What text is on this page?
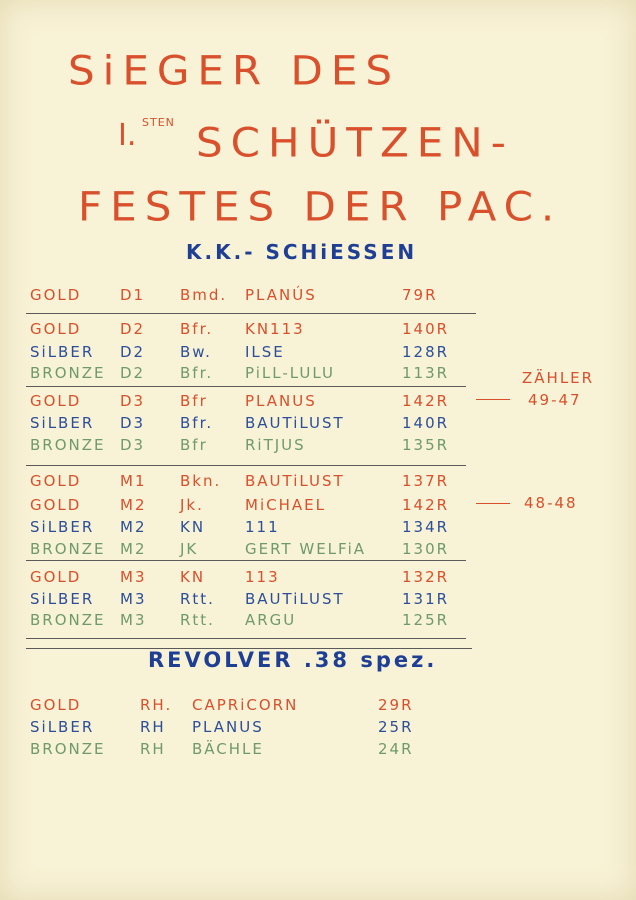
SiEGER DES
I. STEN SCHÜTZEN-
FESTES DER PAC.
K.K.- SCHiESSEN
GOLD	D1 Bmd. PLANÚS	79R
GOLD	D2 Bfr. KN113	140R
SiLBER D2 Bw. ILSE	128R
BRONZE D2 Bfr. PiLL-LULU	113R
GOLD	D3 Bfr PLANUS	142R
SiLBER D3 Bfr. BAUTiLUST	140R
BRONZE D3 Bfr RiTJUS	135R
GOLD	M1 Bkn. BAUTiLUST	137R
GOLD	M2 Jk.	MiCHAEL	142R
SiLBER M2 KN	111	134R
BRONZE M2 JK	GERT WELFiA 130R
GOLD	M3 KN	113	132R
SiLBER M3 Rtt. BAUTiLUST	131R
BRONZE M3 Rtt. ARGU	125R
ZÄHLER
49-47
48-48
REVOLVER .38 spez.
GOLD	RH. CAPRiCORN	29R
SiLBER	RH PLANUS	25R
BRONZE RH BÄCHLE	24R
